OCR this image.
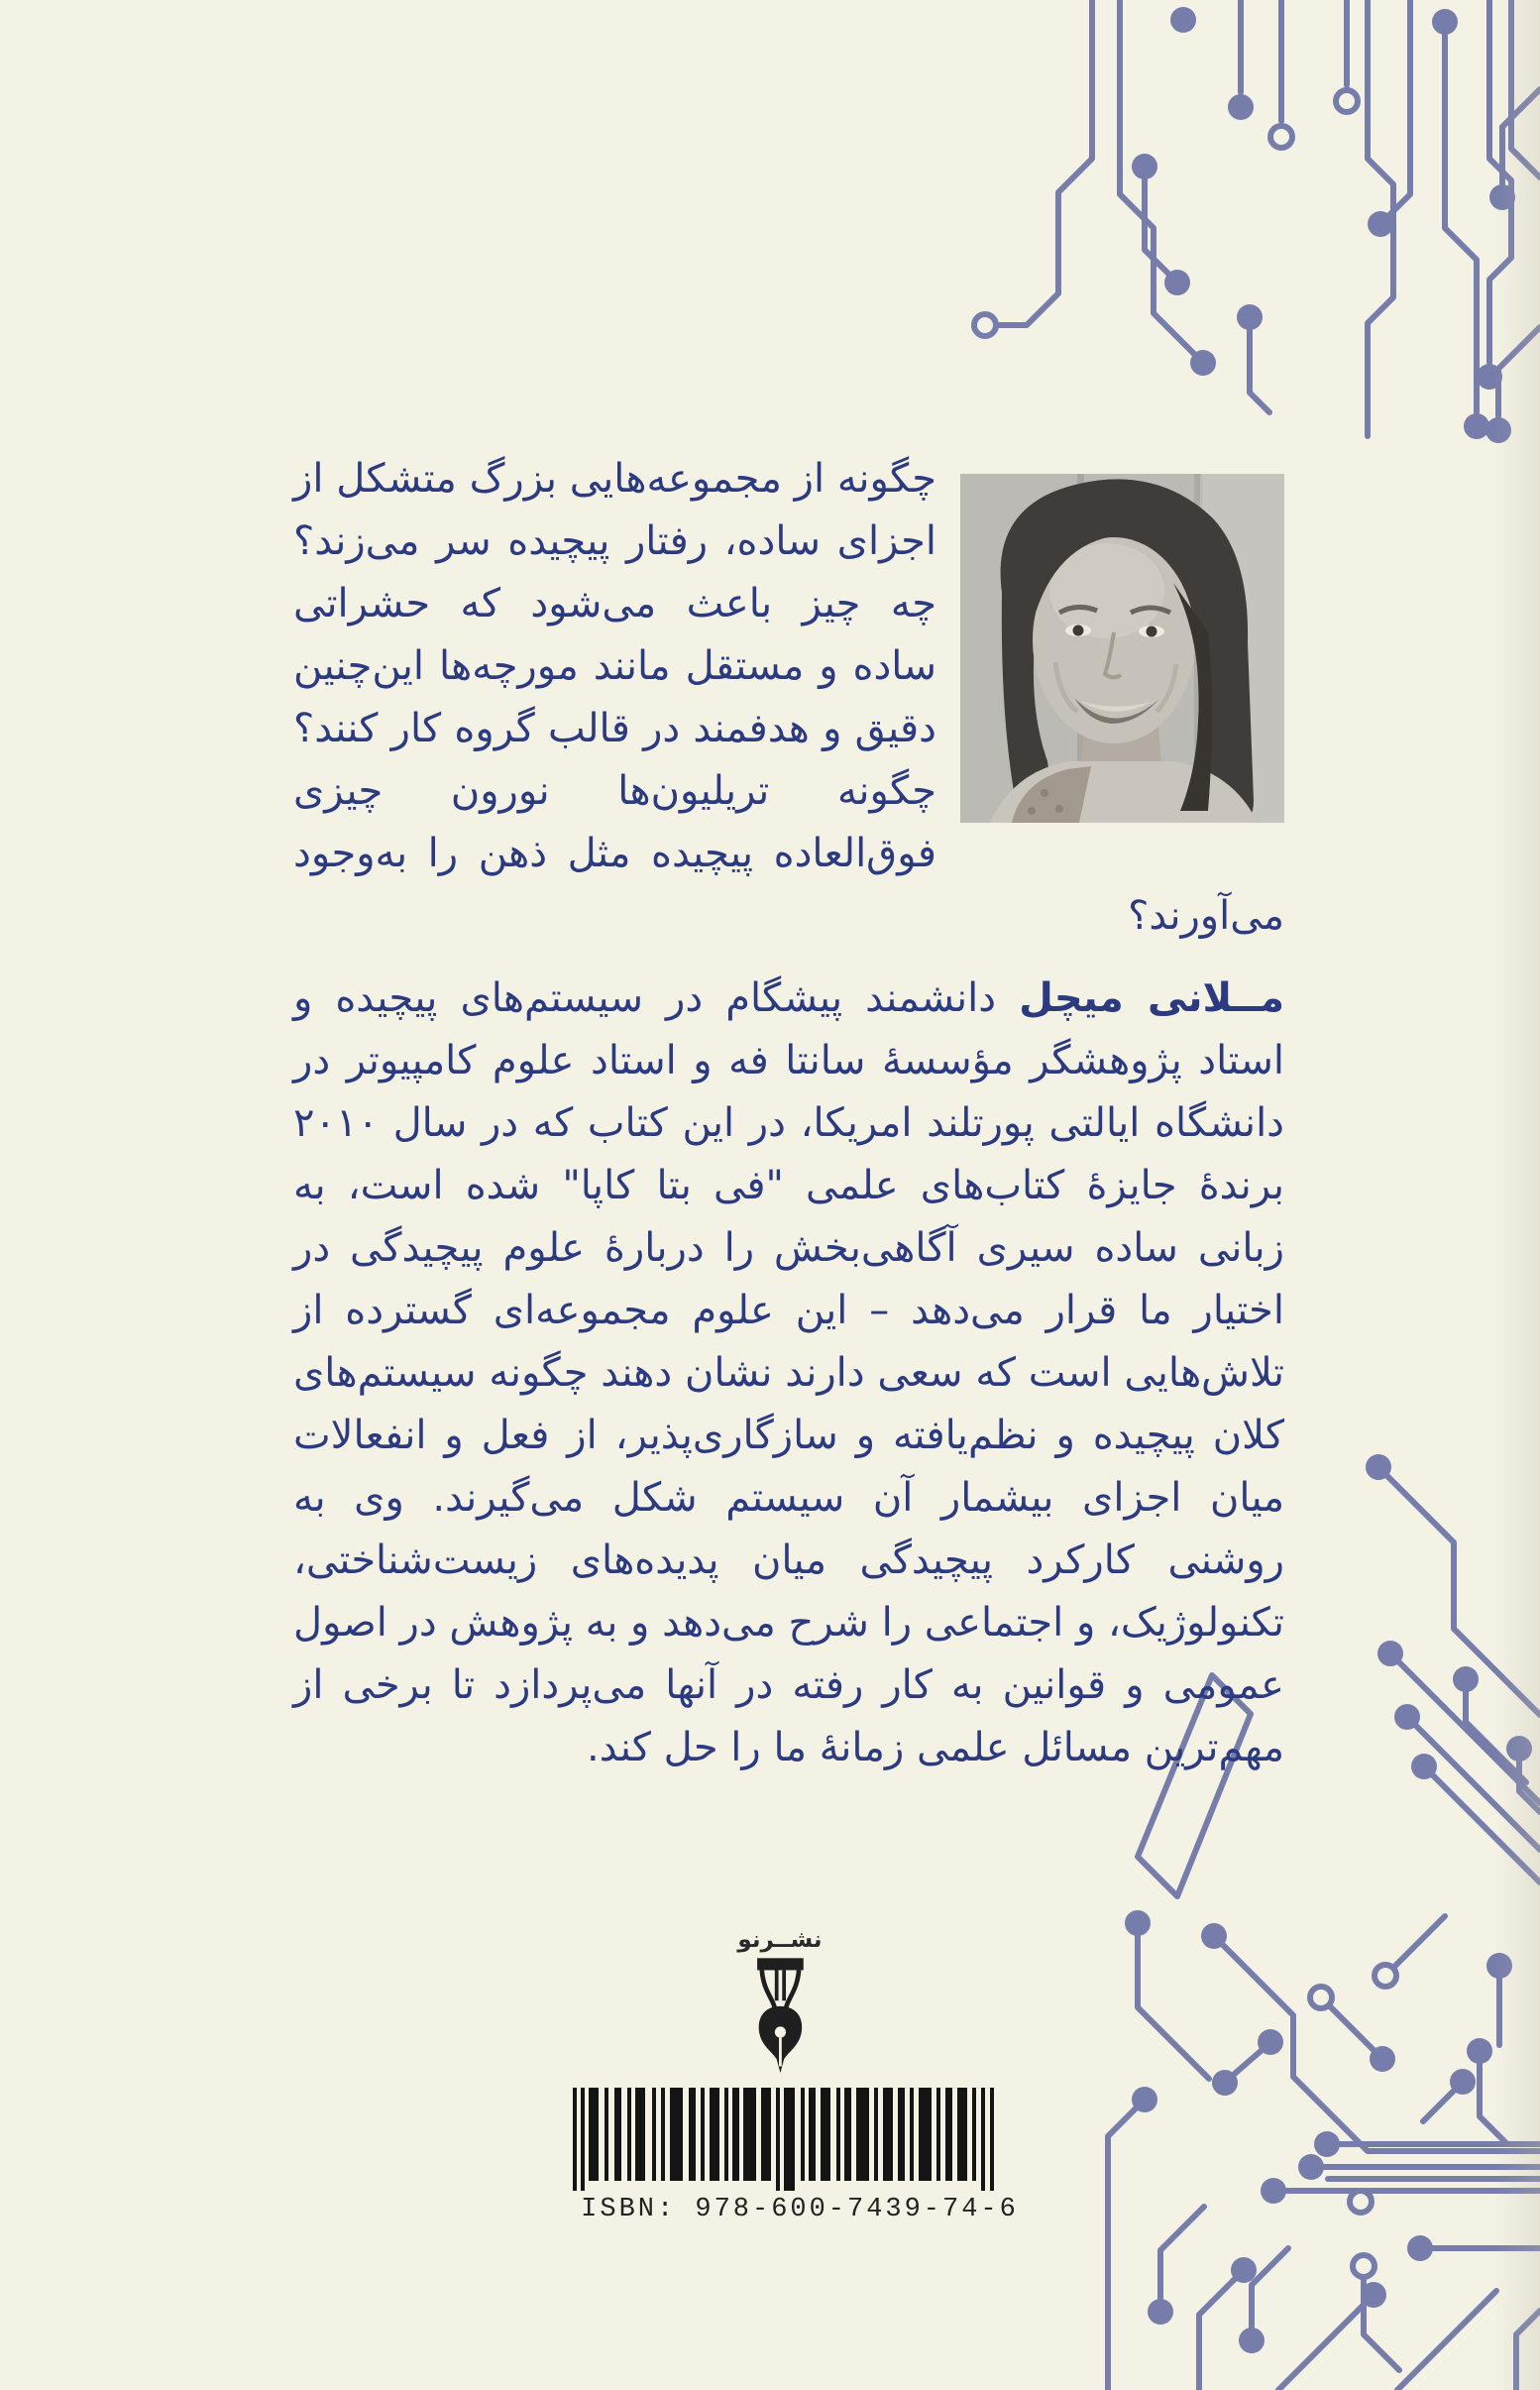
چگونه از مجموعه‌هایی بزرگ متشکل از اجزای ساده، رفتار پیچیده سر می‌زند؟ چه چیز باعث می‌شود که حشراتی ساده و مستقل مانند مورچه‌ها این‌چنین دقیق و هدفمند در قالب گروه کار کنند؟ چگونه تریلیون‌ها نورون چیزی فوق‌العاده پیچیده مثل ذهن را به‌وجود می‌آورند؟

مــلانی میچل دانشمند پیشگام در سیستم‌های پیچیده و استاد پژوهشگر مؤسسهٔ سانتا فه و استاد علوم کامپیوتر در دانشگاه ایالتی پورتلند امریکا، در این کتاب که در سال ۲۰۱۰ برندهٔ جایزهٔ کتاب‌های علمی "فی بتا کاپا" شده است، به زبانی ساده سیری آگاهی‌بخش را دربارهٔ علوم پیچیدگی در اختیار ما قرار می‌دهد – این علوم مجموعه‌ای گسترده از تلاش‌هایی است که سعی دارند نشان دهند چگونه سیستم‌های کلان پیچیده و نظم‌یافته و سازگاری‌پذیر، از فعل و انفعالات میان اجزای بیشمار آن سیستم شکل می‌گیرند. وی به روشنی کارکرد پیچیدگی میان پدیده‌های زیست‌شناختی، تکنولوژیک، و اجتماعی را شرح می‌دهد و به پژوهش در اصول عمومی و قوانین به کار رفته در آنها می‌پردازد تا برخی از مهم‌ترین مسائل علمی زمانهٔ ما را حل کند.

نشــرنو
ISBN: 978-600-7439-74-6
